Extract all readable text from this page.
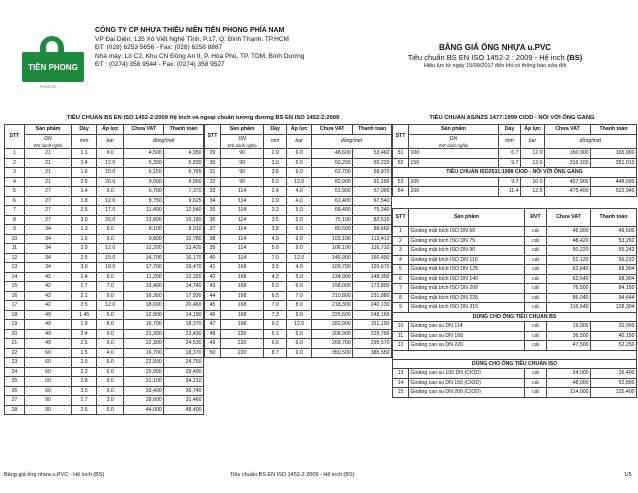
TIỀN PHONG
PLASTIC
CÔNG TY CP NHỰA THIẾU NIÊN TIỀN PHONG PHÍA NAM
VP Đại Diện: 135 Xô Viết Nghệ Tĩnh, P.17, Q. Bình Thạnh, TP.HCM
ĐT: (028) 6253 5656 - Fax: (028) 6258 8887
Nhà máy: Lô C2, Khu CN Đồng An II, P. Hòa Phú, TP. TDM, Bình Dương
ĐT : (0274) 358 9544 - Fax: (0274) 358 9527
BẢNG GIÁ ỐNG NHỰA u.PVC
Tiêu chuẩn BS EN ISO 1452-2 : 2009 - Hệ inch (BS)
Hiệu lực từ ngày 15/09/2017 đến khi có thông báo sửa đổi
TIÊU CHUẨN BS EN ISO 1452-2:2009 Hệ inch và ngoại chuẩn tương đương BS EN ISO 1452-2:2009	TIÊU CHUẨN AS/NZS 1477:1999 CIOD - NỐI VỚI ỐNG GANG
STT	Sản phẩm	Dày	Áp lực	Chưa VAT	Thanh toán

	DN
Đ/K danh nghĩa	mm	bar	đồng/mét	
1	21	1.1	9.0	4,500	4,950
2	21	1.4	12.0	5,300	5,830
3	21	1.6	15.0	6,150	6,765
4	21	2.5	20.0	9,000	9,900
5	27	1.4	9.0	6,700	7,370
6	27	1.8	12.0	8,750	9,625
7	27	2.5	17.0	11,400	12,540
8	27	3.0	20.0	13,800	15,180
9	34	1.3	6.0	8,100	8,910
10	34	1.6	9.0	9,800	10,780
11	34	2.0	12.0	12,200	13,420
12	34	2.5	15.0	14,700	16,170
13	34	3.0	18.0	17,700	19,470
14	42	1.4	6.0	11,200	12,320
15	42	1.7	7.0	13,400	14,740
16	42	2.1	9.0	16,300	17,930
17	42	2.5	12.0	18,600	20,460
18	49	1.45	5.0	12,900	14,190
19	49	1.9	8.0	16,700	18,370
20	49	2.4	9.0	21,300	23,430
21	49	2.5	9.0	22,300	24,530
22	60	1.5	4.0	16,700	18,370
23	60	2.0	6.0	22,500	24,750
24	60	2.3	6.0	25,900	28,490
25	60	2.8	9.0	31,100	34,210
26	60	3.0	9.0	33,400	36,740
27	90	1.7	3.0	28,600	31,460
28	90	2.6	5.0	44,000	48,400
STT	Sản phẩm	Dày	Áp lực	Chưa VAT	Thanh toán

	DN
Đ/K danh nghĩa	mm	bar	đồng/mét	
29	90	2.9	6.0	48,600	53,460
30	90	3.0	6.0	50,200	55,220
31	90	3.8	9.0	62,700	68,970
32	90	5.0	12.0	82,900	91,190
33	114	2.4	4.0	51,900	57,090
34	114	2.9	4.0	61,400	67,540
35	114	3.2	5.0	68,400	75,240
36	114	3.5	5.0	75,100	82,610
37	114	3.8	6.0	80,600	88,660
38	114	4.9	9.0	103,100	113,410
39	114	5.0	9.0	106,100	116,710
40	114	7.0	12.0	145,900	160,490
41	168	3.5	4.0	109,700	120,670
42	168	4.3	5.0	134,900	148,390
43	168	5.0	6.0	158,000	173,800
44	168	6.5	7.0	210,800	231,880
45	168	7.0	8.0	218,300	240,130
46	168	7.3	9.0	225,600	248,160
47	168	9.2	12.0	282,900	311,190
48	220	5.1	5.0	208,900	229,790
49	220	6.6	6.0	268,700	295,570
50	220	8.7	9.0	350,500	385,550
STT	Sản phẩm	Dày	Áp lực	Chưa VAT	Thanh toán

	DN
Đ/K danh nghĩa	mm	bar	đồng/mét	
51	100	6.7	12.0	150,900	165,990
52	150	9.7	12.0	319,100	351,010
TIÊU CHUẨN ISO2531:1998 CIOD - NỐI VỚI ỐNG GANG					
53	200	9.7	10.0	407,900	448,690
54	200	11.4	12.5	475,400	522,940
STT	Sản phẩm	ĐVT	Chưa VAT	Thanh toán
1	Gioăng mặt bích ISO DN 60	cái	45,000	49,500
2	Gioăng mặt bích ISO DN 75	cái	48,420	53,262
3	Gioăng mặt bích ISO DN 90	cái	50,220	55,242
4	Gioăng mặt bích ISO DN 110	cái	51,120	56,232
5	Gioăng mặt bích ISO DN 125	cái	62,640	68,904
6	Gioăng mặt bích ISO DN 140	cái	62,640	68,904
7	Gioăng mặt bích ISO DN 200	cái	76,500	84,150
8	Gioăng mặt bích ISO DN 225	cái	86,040	94,644
9	Gioăng mặt bích ISO DN 315	cái	116,640	128,304
DÙNG CHO ỐNG TIÊU CHUẨN BS				
10	Gioăng cao su DN 114	cái	19,000	20,900
11	Gioăng cao su DN 168	cái	36,500	40,150
12	Gioăng cao su DN 220	cái	47,500	52,250

DÙNG CHO ỐNG TIÊU CHUẨN ISO				
13	Gioăng cao su 100 DN (CIOD)	cái	24,000	26,400
14	Gioăng cao su DN 150 (CIOD)	cái	48,000	52,800
15	Gioăng cao su DN 200 (CIOD)	cái	114,000	125,400
Bảng giá ống nhựa u.PVC - Hệ inch (BS)	Tiêu chuẩn BS EN ISO 1452-2:2009 - Hệ inch (BS)	1/5
